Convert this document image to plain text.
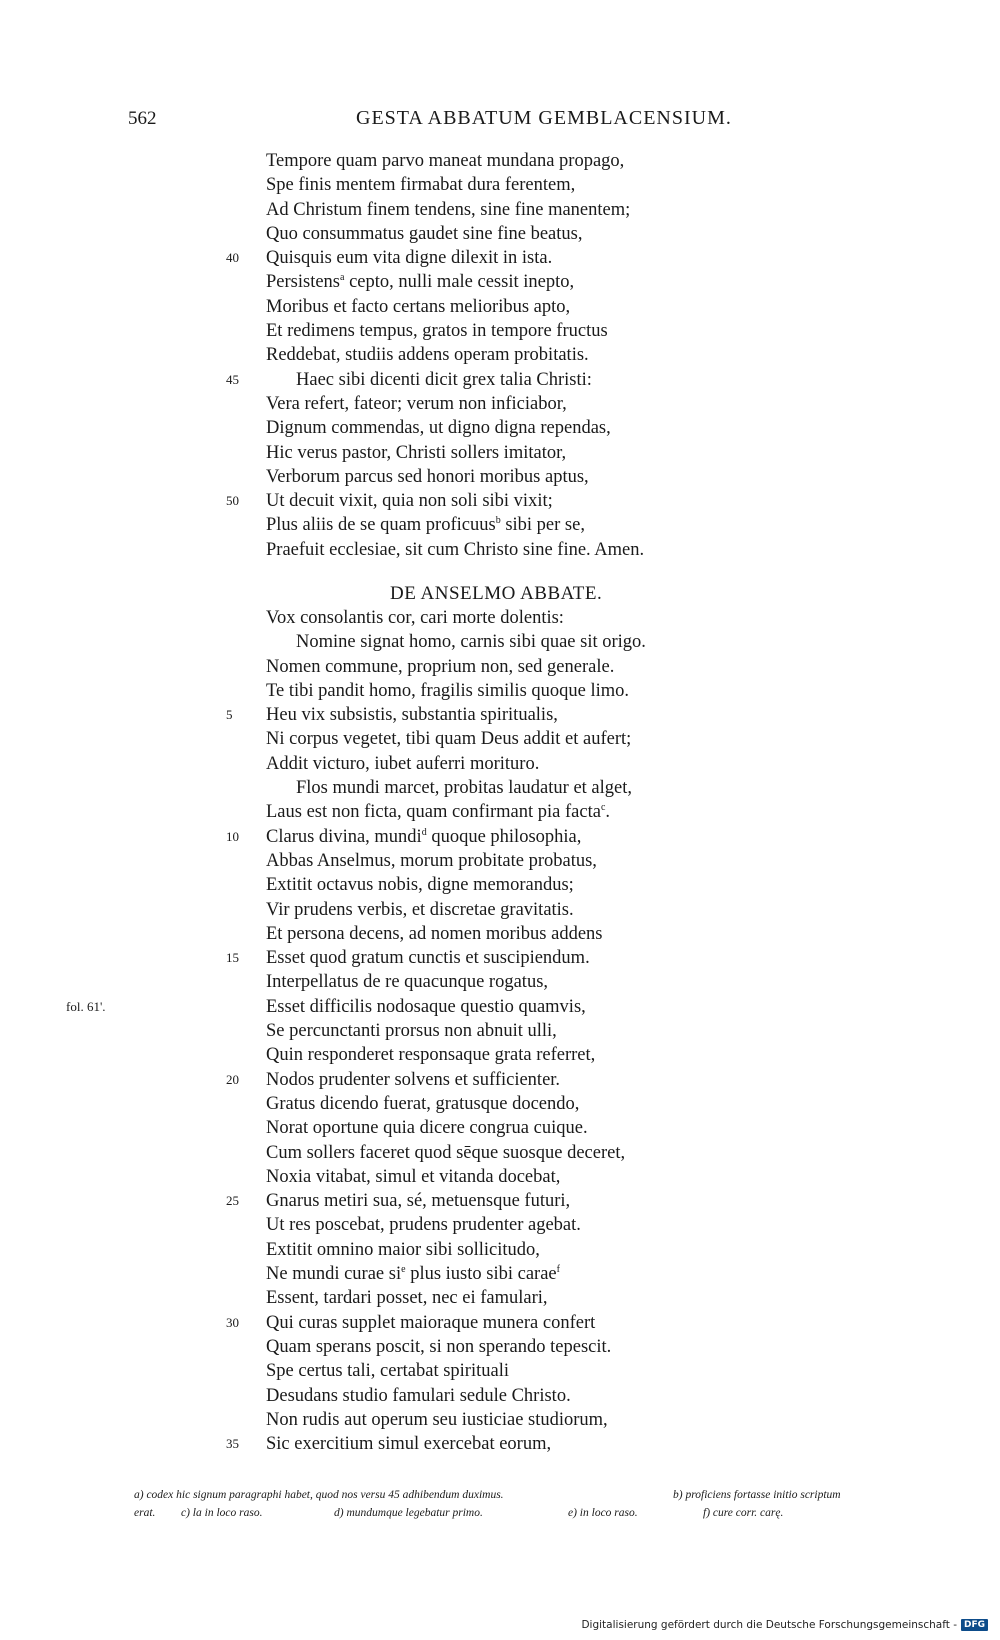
562	GESTA ABBATUM GEMBLACENSIUM.
Tempore quam parvo maneat mundana propago,
Spe finis mentem firmabat dura ferentem,
Ad Christum finem tendens, sine fine manentem;
Quo consummatus gaudet sine fine beatus,
40	Quisquis eum vita digne dilexit in ista.
Persistens$^a$ cepto, nulli male cessit inepto,
Moribus et facto certans melioribus apto,
Et redimens tempus, gratos in tempore fructus
Reddebat, studiis addens operam probitatis.
45	Haec sibi dicenti dicit grex talia Christi:
Vera refert, fateor; verum non inficiabor,
Dignum commendas, ut digno digna rependas,
Hic verus pastor, Christi sollers imitator,
Verborum parcus sed honori moribus aptus,
50	Ut decuit vixit, quia non soli sibi vixit;
Plus aliis de se quam proficuus$^b$ sibi per se,
Praefuit ecclesiae, sit cum Christo sine fine. Amen.
DE ANSELMO ABBATE.
Vox consolantis cor, cari morte dolentis:
Nomine signat homo, carnis sibi quae sit origo.
Nomen commune, proprium non, sed generale.
Te tibi pandit homo, fragilis similis quoque limo.
5	Heu vix subsistis, substantia spiritualis,
Ni corpus vegetet, tibi quam Deus addit et aufert;
Addit victuro, iubet auferri morituro.
Flos mundi marcet, probitas laudatur et alget,
Laus est non ficta, quam confirmant pia facta$^c$.
10	Clarus divina, mundi$^d$ quoque philosophia,
Abbas Anselmus, morum probitate probatus,
Extitit octavus nobis, digne memorandus;
Vir prudens verbis, et discretae gravitatis.
Et persona decens, ad nomen moribus addens
15	Esset quod gratum cunctis et suscipiendum.
Interpellatus de re quacunque rogatus,
fol. 61'.	Esset difficilis nodosaque questio quamvis,
Se percunctanti prorsus non abnuit ulli,
Quin responderet responsaque grata referret,
20	Nodos prudenter solvens et sufficienter.
Gratus dicendo fuerat, gratusque docendo,
Norat oportune quia dicere congrua cuique.
Cum sollers faceret quod sēque suosque deceret,
Noxia vitabat, simul et vitanda docebat,
25	Gnarus metiri sua, sé, metuensque futuri,
Ut res poscebat, prudens prudenter agebat.
Extitit omnino maior sibi sollicitudo,
Ne mundi curae $si^e$ plus iusto sibi carae$^f$
Essent, tardari posset, nec ei famulari,
30	Qui curas supplet maioraque munera confert
Quam sperans poscit, si non sperando tepescit.
Spe certus tali, certabat spirituali
Desudans studio famulari sedule Christo.
Non rudis aut operum seu iusticiae studiorum,
35	Sic exercitium simul exercebat eorum,
a) codex hic signum paragraphi habet, quod nos versu 45 adhibendum duximus.	b) proficiens fortasse initio scriptum
erat. c) la in loco raso.	d) mundumque legebatur primo.	e) in loco raso.	f) cure corr. carę.
Digitalisierung gefördert durch die Deutsche Forschungsgemeinschaft - DFG
